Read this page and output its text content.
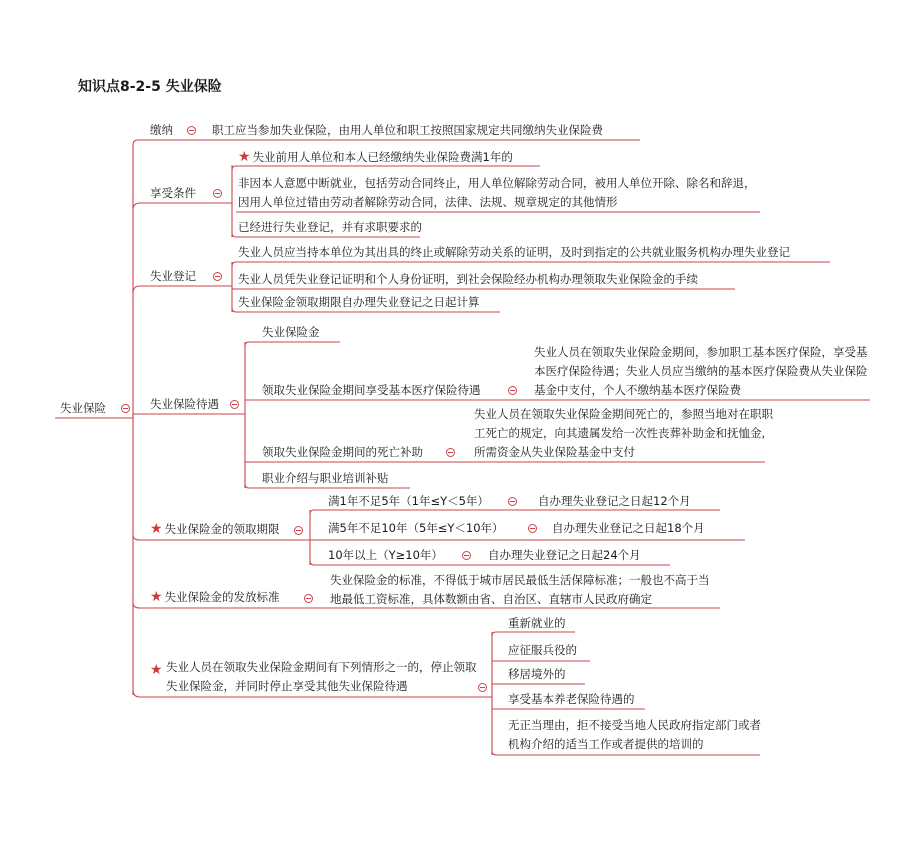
知识点8-2-5 失业保险
失业保险
缴纳	职工应当参加失业保险，由用人单位和职工按照国家规定共同缴纳失业保险费
享受条件
★ 失业前用人单位和本人已经缴纳失业保险费满1年的
非因本人意愿中断就业，包括劳动合同终止，用人单位解除劳动合同，被用人单位开除、除名和辞退，因用人单位过错由劳动者解除劳动合同，法律、法规、规章规定的其他情形
已经进行失业登记，并有求职要求的
失业登记
失业人员应当持本单位为其出具的终止或解除劳动关系的证明，及时到指定的公共就业服务机构办理失业登记
失业人员凭失业登记证明和个人身份证明，到社会保险经办机构办理领取失业保险金的手续
失业保险金领取期限自办理失业登记之日起计算
失业保险待遇
失业保险金
领取失业保险金期间享受基本医疗保险待遇
失业人员在领取失业保险金期间，参加职工基本医疗保险，享受基本医疗保险待遇；失业人员应当缴纳的基本医疗保险费从失业保险基金中支付，个人不缴纳基本医疗保险费
领取失业保险金期间的死亡补助
失业人员在领取失业保险金期间死亡的，参照当地对在职职工死亡的规定，向其遗属发给一次性丧葬补助金和抚恤金,所需资金从失业保险基金中支付
职业介绍与职业培训补贴
★ 失业保险金的领取期限
满1年不足5年（1年≤Y＜5年）	自办理失业登记之日起12个月
满5年不足10年（5年≤Y＜10年）	自办理失业登记之日起18个月
10年以上（Y≥10年）	自办理失业登记之日起24个月
★ 失业保险金的发放标准
失业保险金的标准，不得低于城市居民最低生活保障标准；一般也不高于当地最低工资标准，具体数额由省、自治区、直辖市人民政府确定
★ 失业人员在领取失业保险金期间有下列情形之一的，停止领取失业保险金，并同时停止享受其他失业保险待遇
重新就业的
应征服兵役的
移居境外的
享受基本养老保险待遇的
无正当理由，拒不接受当地人民政府指定部门或者机构介绍的适当工作或者提供的培训的
